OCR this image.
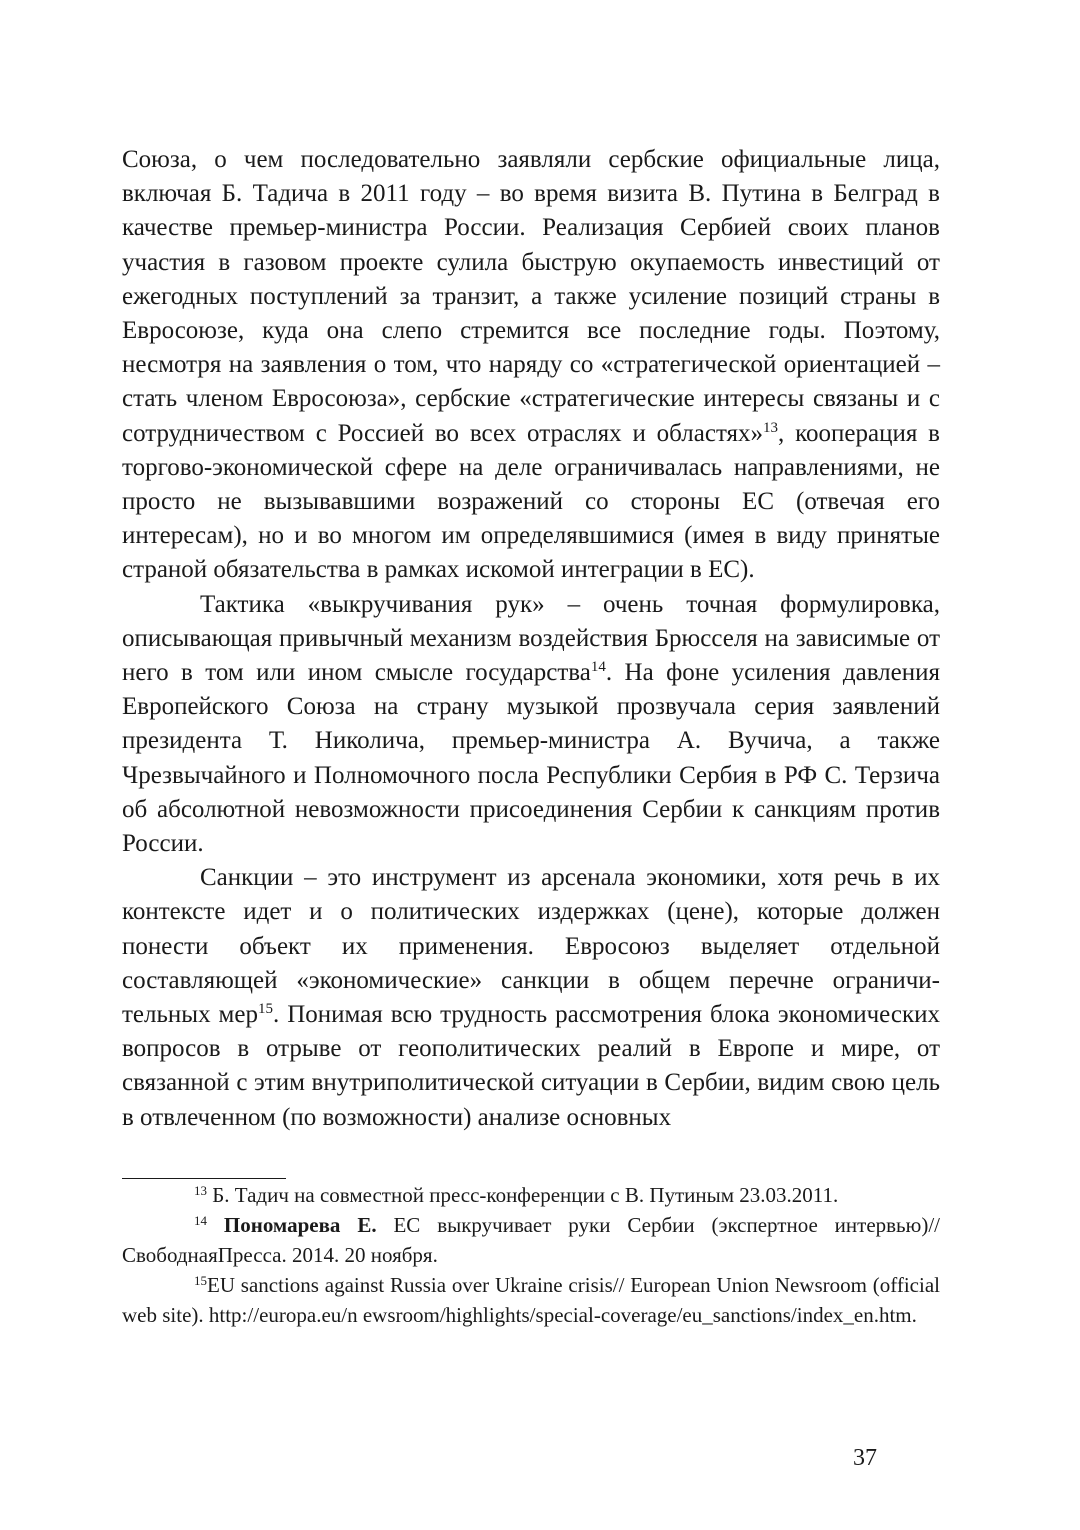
Союза, о чем последовательно заявляли сербские официальные лица, включая Б. Тадича в 2011 году – во время визита В. Путина в Белград в качестве премьер-министра России. Реализация Сербией своих планов участия в газовом проекте сулила быструю окупаемость инвестиций от ежегодных поступлений за транзит, а также усиление позиций страны в Евросоюзе, куда она слепо стремится все последние годы. Поэтому, несмотря на заявления о том, что наряду со «стратегической ориентацией – стать членом Евросоюза», сербские «стратегические интересы связаны и с сотрудничеством с Россией во всех отраслях и областях»$^{13}$, кооперация в торгово-экономической сфере на деле ограничивалась направлениями, не просто не вызывавшими возражений со стороны ЕС (отвечая его интересам), но и во многом им определявшимися (имея в виду принятые страной обязательства в рамках искомой интеграции в ЕС).

Тактика «выкручивания рук» – очень точная формулировка, описывающая привычный механизм воздействия Брюсселя на зависимые от него в том или ином смысле государства$^{14}$. На фоне усиления давления Европейского Союза на страну музыкой прозвучала серия заявлений президента Т. Николича, премьер-министра А. Вучича, а также Чрезвычайного и Полномочного посла Республики Сербия в РФ С. Терзича об абсолютной невозможности присоединения Сербии к санкциям против России.

Санкции – это инструмент из арсенала экономики, хотя речь в их контексте идет и о политических издержках (цене), которые должен понести объект их применения. Евросоюз выделяет отдельной составляющей «экономические» санкции в общем перечне ограничительных мер$^{15}$. Понимая всю трудность рассмотрения блока экономических вопросов в отрыве от геополитических реалий в Европе и мире, от связанной с этим внутриполитической ситуации в Сербии, видим свою цель в отвлеченном (по возможности) анализе основных

$^{13}$ Б. Тадич на совместной пресс-конференции с В. Путиным 23.03.2011.

$^{14}$ Пономарева Е. ЕС выкручивает руки Сербии (экспертное интервью)// СвободнаяПресса. 2014. 20 ноября.

$^{15}$EU sanctions against Russia over Ukraine crisis// European Union Newsroom (official web site). http://europa.eu/n ewsroom/highlights/special-coverage/eu_sanctions/index_en.htm.

37
